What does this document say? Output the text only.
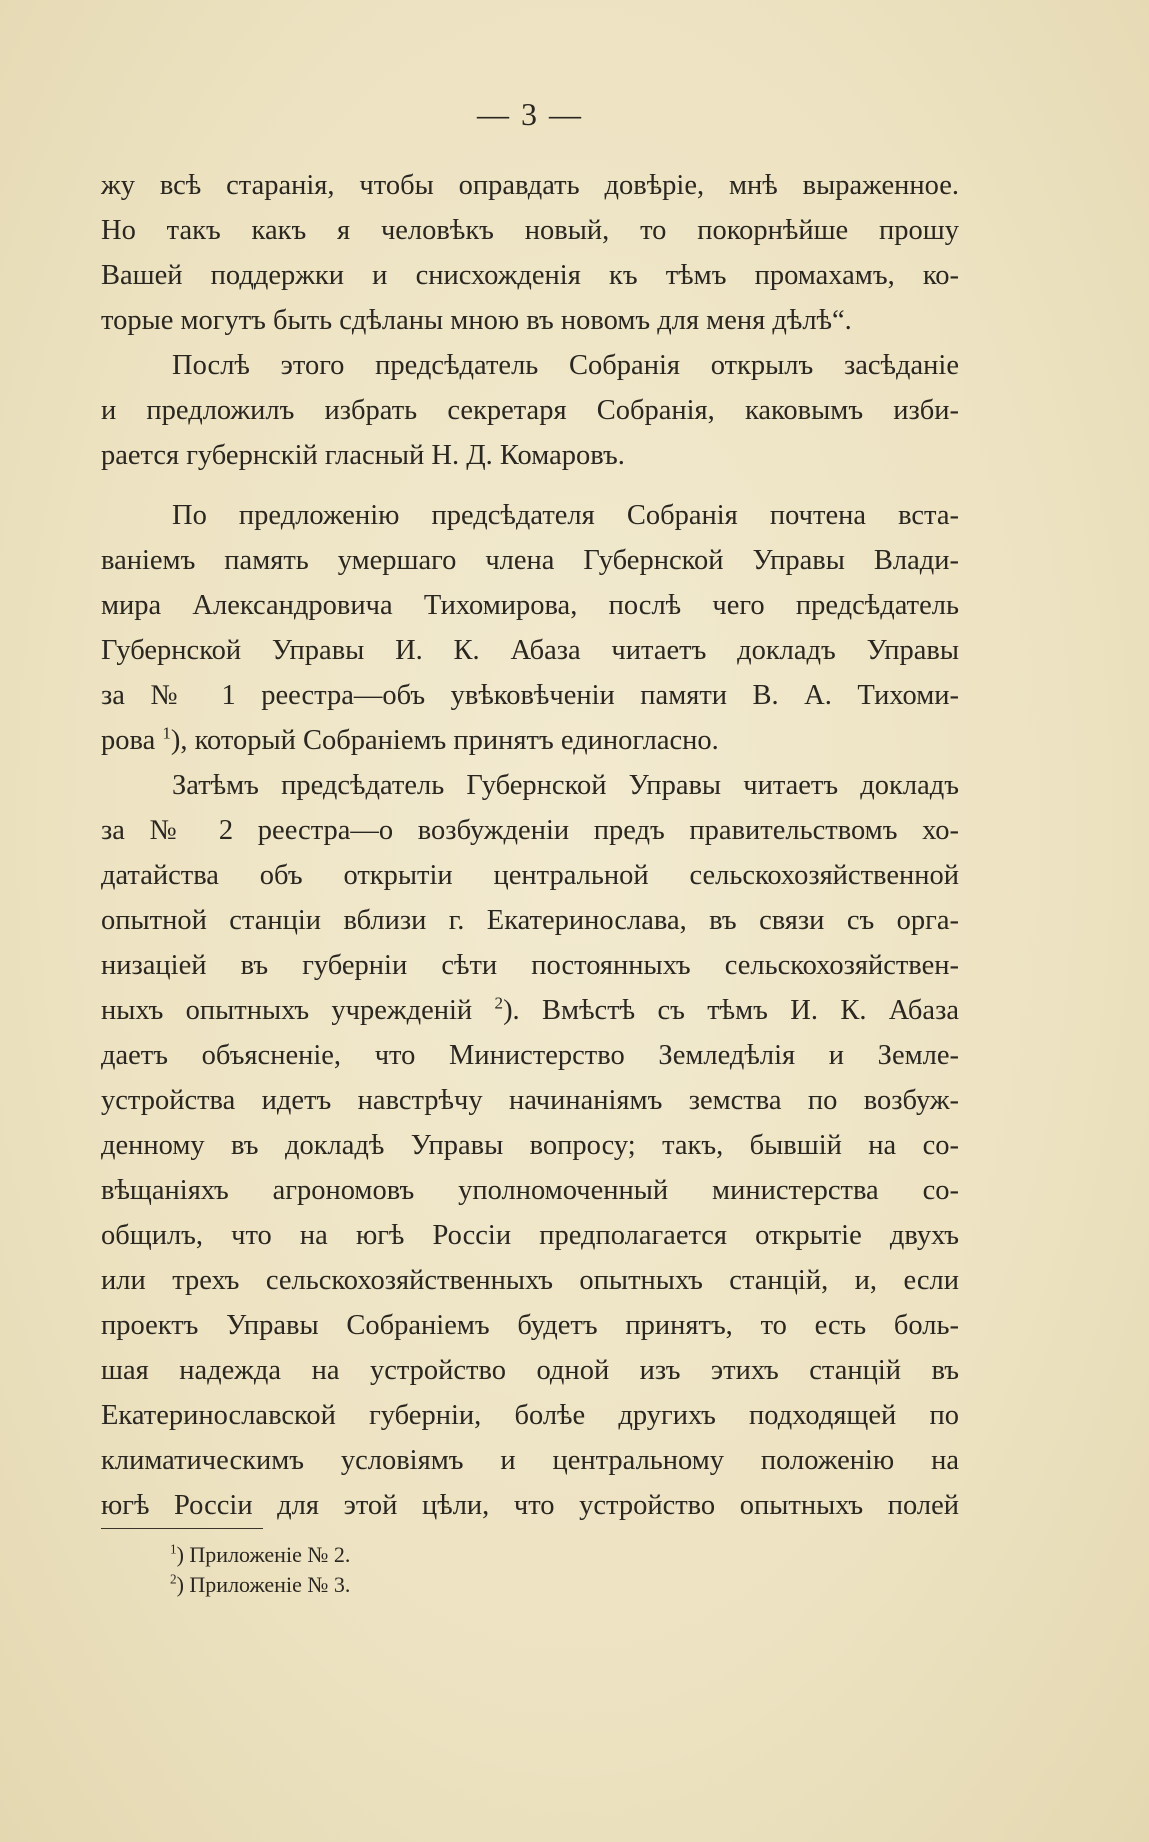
— 3 —
жу всѣ старанія, чтобы оправдать довѣріе, мнѣ выраженное.
Но такъ какъ я человѣкъ новый, то покорнѣйше прошу
Вашей поддержки и снисхожденія къ тѣмъ промахамъ, ко-
торые могутъ быть сдѣланы мною въ новомъ для меня дѣлѣ“.
Послѣ этого предсѣдатель Собранія открылъ засѣданіе
и предложилъ избрать секретаря Собранія, каковымъ изби-
рается губернскій гласный Н. Д. Комаровъ.
По предложенію предсѣдателя Собранія почтена вста-
ваніемъ память умершаго члена Губернской Управы Влади-
мира Александровича Тихомирова, послѣ чего предсѣдатель
Губернской Управы И. К. Абаза читаетъ докладъ Управы
за № 1 реестра—объ увѣковѣченіи памяти В. А. Тихоми-
рова $^1$), который Собраніемъ принятъ единогласно.
Затѣмъ предсѣдатель Губернской Управы читаетъ докладъ
за № 2 реестра—о возбужденіи предъ правительствомъ хо-
датайства объ открытіи центральной сельскохозяйственной
опытной станціи вблизи г. Екатеринослава, въ связи съ орга-
низаціей въ губерніи сѣти постоянныхъ сельскохозяйствен-
ныхъ опытныхъ учрежденій $^2$). Вмѣстѣ съ тѣмъ И. К. Абаза
даетъ объясненіе, что Министерство Земледѣлія и Земле-
устройства идетъ навстрѣчу начинаніямъ земства по возбуж-
денному въ докладѣ Управы вопросу; такъ, бывшій на со-
вѣщаніяхъ агрономовъ уполномоченный министерства со-
общилъ, что на югѣ Россіи предполагается открытіе двухъ
или трехъ сельскохозяйственныхъ опытныхъ станцій, и, если
проектъ Управы Собраніемъ будетъ принятъ, то есть боль-
шая надежда на устройство одной изъ этихъ станцій въ
Екатеринославской губерніи, болѣе другихъ подходящей по
климатическимъ условіямъ и центральному положенію на
югѣ Россіи для этой цѣли, что устройство опытныхъ полей
$^1$) Приложеніе № 2.
$^2$) Приложеніе № 3.
